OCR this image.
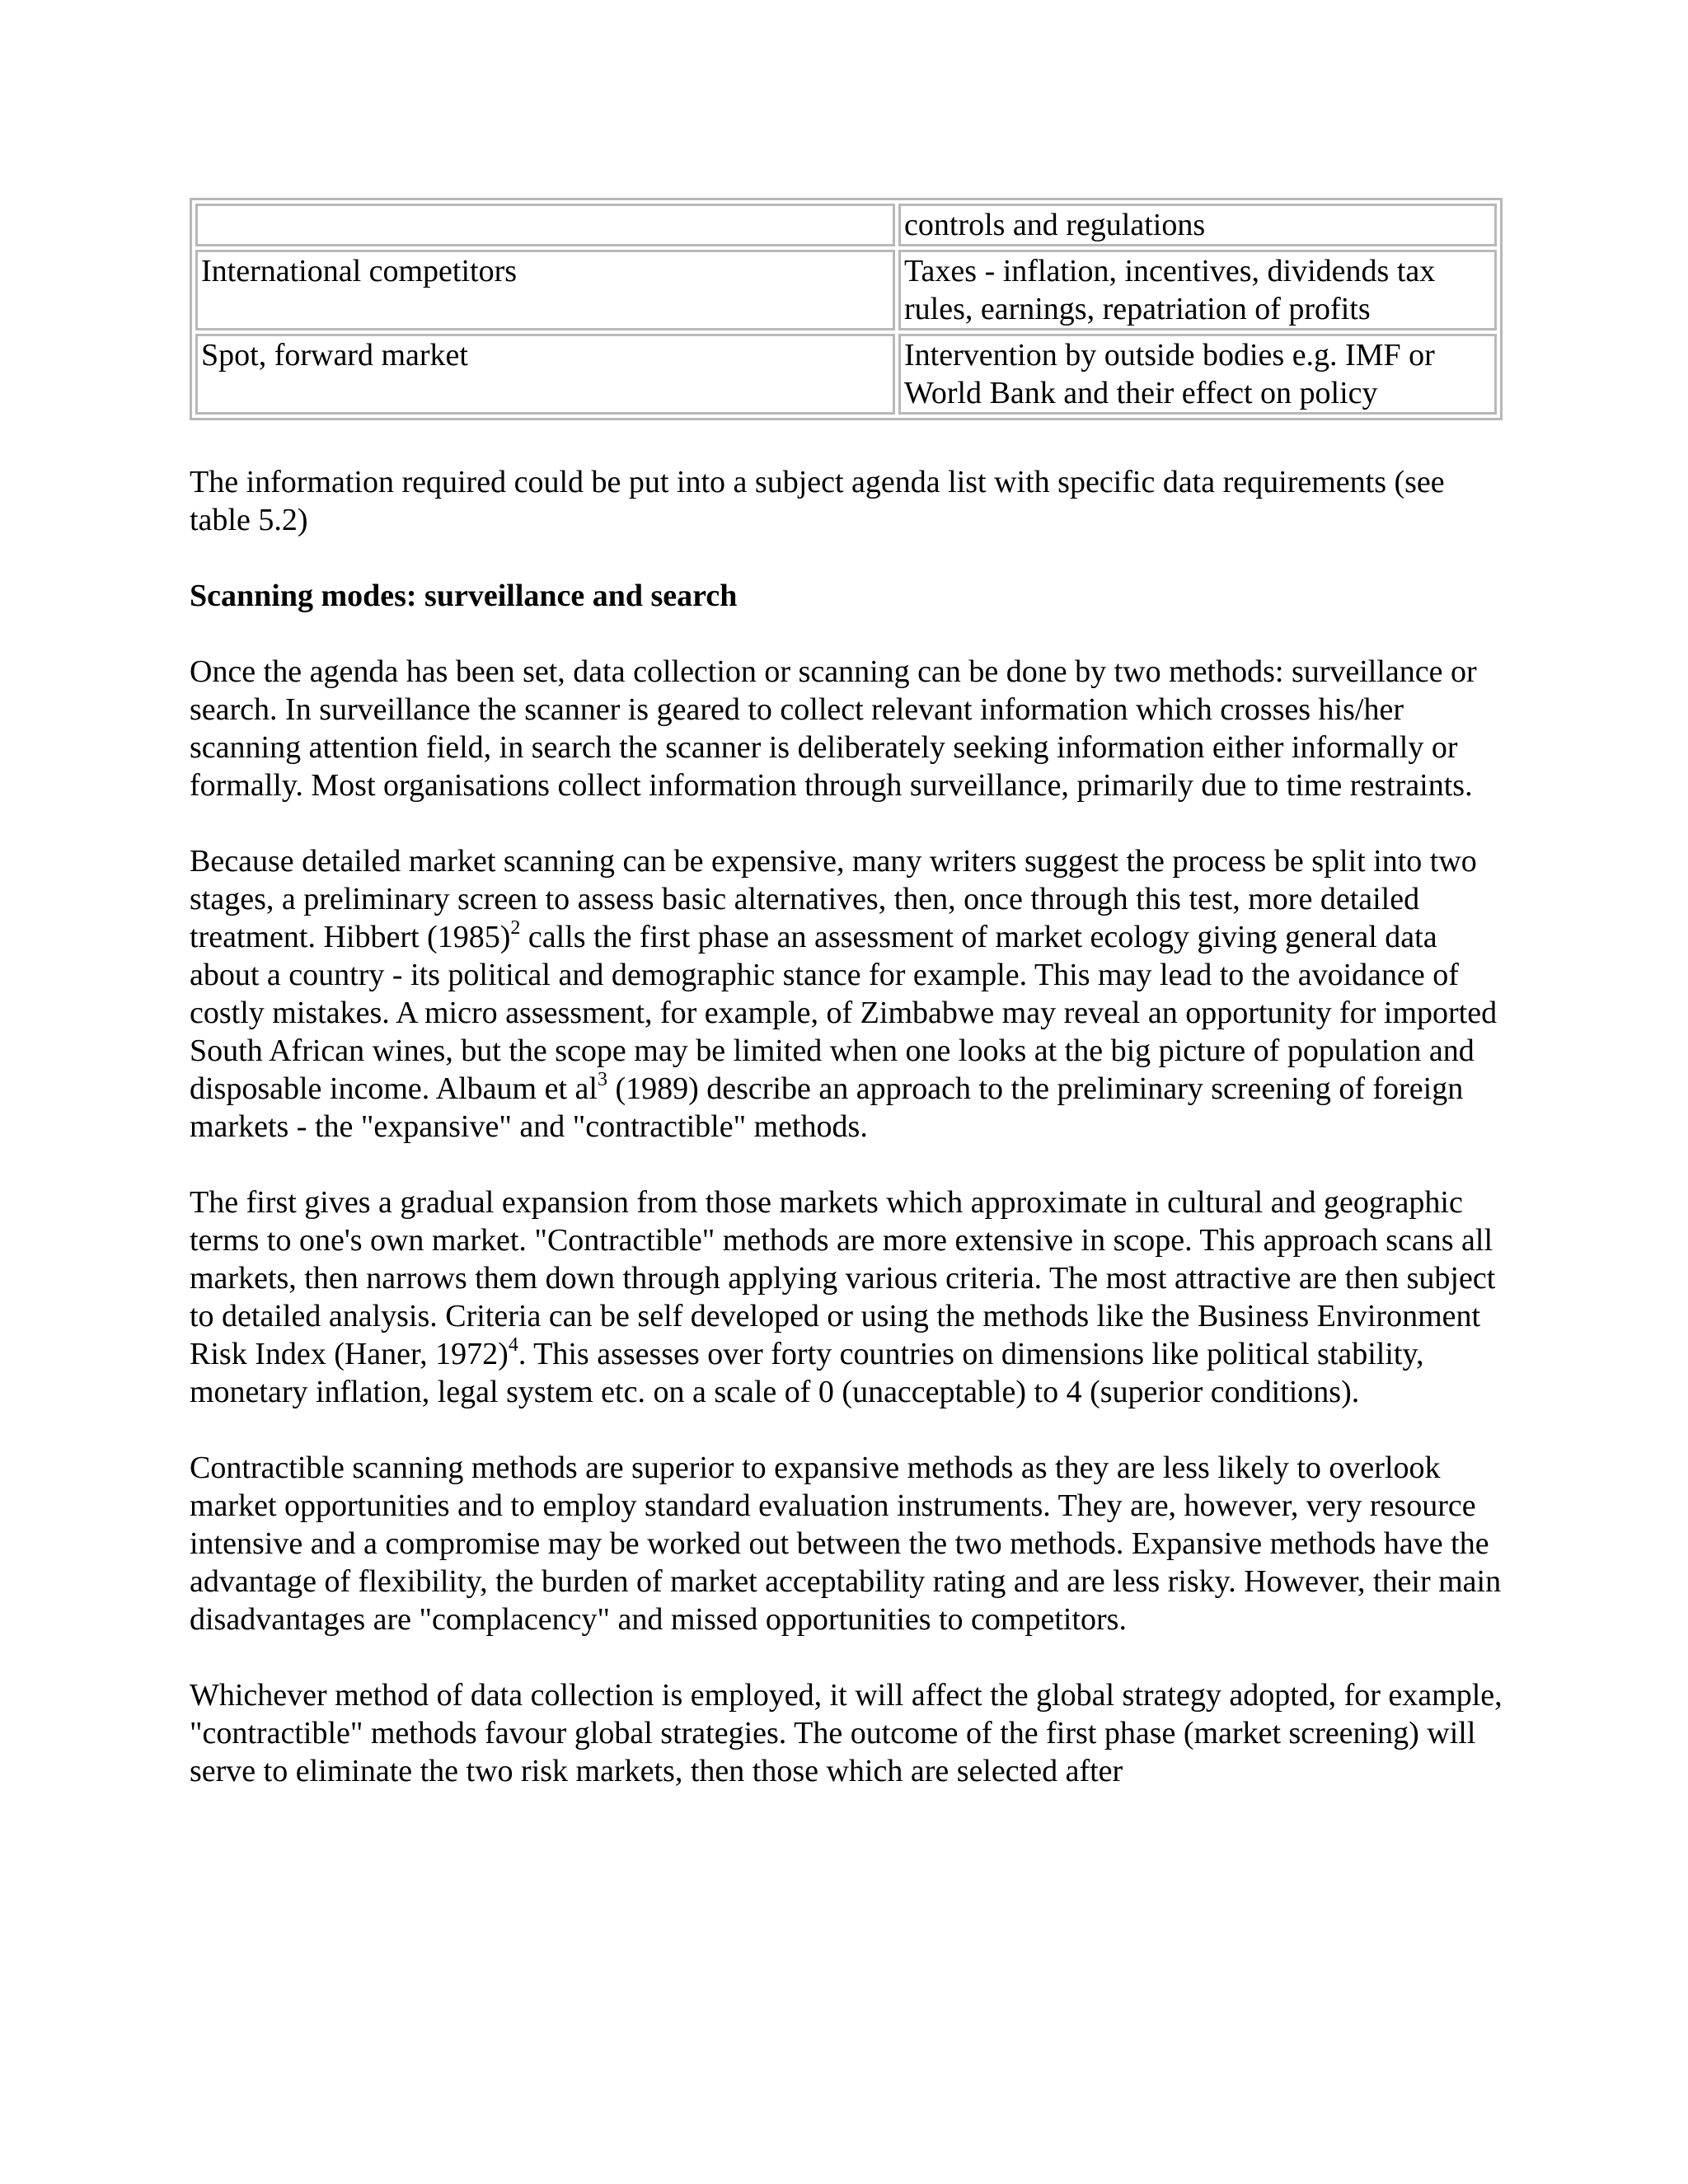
	controls and regulations
International competitors	Taxes - inflation, incentives, dividends tax rules, earnings, repatriation of profits
Spot, forward market	Intervention by outside bodies e.g. IMF or World Bank and their effect on policy

The information required could be put into a subject agenda list with specific data requirements (see table 5.2)

Scanning modes: surveillance and search

Once the agenda has been set, data collection or scanning can be done by two methods: surveillance or search. In surveillance the scanner is geared to collect relevant information which crosses his/her scanning attention field, in search the scanner is deliberately seeking information either informally or formally. Most organisations collect information through surveillance, primarily due to time restraints.

Because detailed market scanning can be expensive, many writers suggest the process be split into two stages, a preliminary screen to assess basic alternatives, then, once through this test, more detailed treatment. Hibbert $(1985)^2$ calls the first phase an assessment of market ecology giving general data about a country - its political and demographic stance for example. This may lead to the avoidance of costly mistakes. A micro assessment, for example, of Zimbabwe may reveal an opportunity for imported South African wines, but the scope may be limited when one looks at the big picture of population and disposable income. Albaum et $al^3$ (1989) describe an approach to the preliminary screening of foreign markets - the "expansive" and "contractible" methods.

The first gives a gradual expansion from those markets which approximate in cultural and geographic terms to one's own market. "Contractible" methods are more extensive in scope. This approach scans all markets, then narrows them down through applying various criteria. The most attractive are then subject to detailed analysis. Criteria can be self developed or using the methods like the Business Environment Risk Index (Haner, 1972)$^4$. This assesses over forty countries on dimensions like political stability, monetary inflation, legal system etc. on a scale of 0 (unacceptable) to 4 (superior conditions).

Contractible scanning methods are superior to expansive methods as they are less likely to overlook market opportunities and to employ standard evaluation instruments. They are, however, very resource intensive and a compromise may be worked out between the two methods. Expansive methods have the advantage of flexibility, the burden of market acceptability rating and are less risky. However, their main disadvantages are "complacency" and missed opportunities to competitors.

Whichever method of data collection is employed, it will affect the global strategy adopted, for example, "contractible" methods favour global strategies. The outcome of the first phase (market screening) will serve to eliminate the two risk markets, then those which are selected after
